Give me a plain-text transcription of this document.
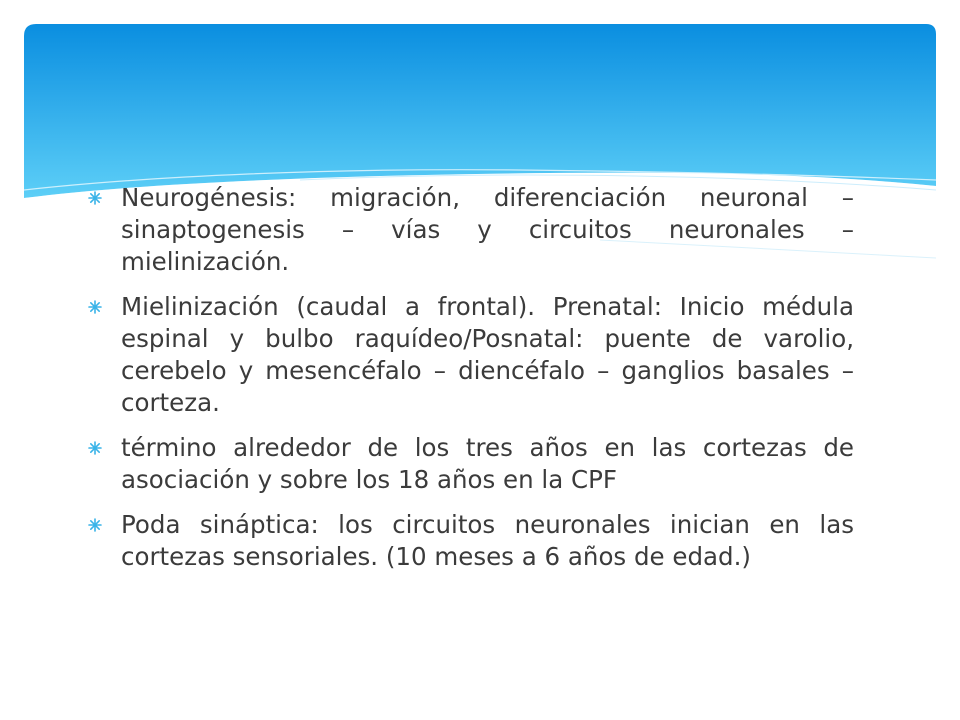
Neurogénesis: migración, diferenciación neuronal – sinaptogenesis – vías y circuitos neuronales – mielinización.
Mielinización (caudal a frontal). Prenatal: Inicio médula espinal y bulbo raquídeo/Posnatal: puente de varolio, cerebelo y mesencéfalo – diencéfalo – ganglios basales – corteza.
término alrededor de los tres años en las cortezas de asociación y sobre los 18 años en la CPF
Poda sináptica: los circuitos neuronales inician en las cortezas sensoriales. (10 meses a 6 años de edad.)
